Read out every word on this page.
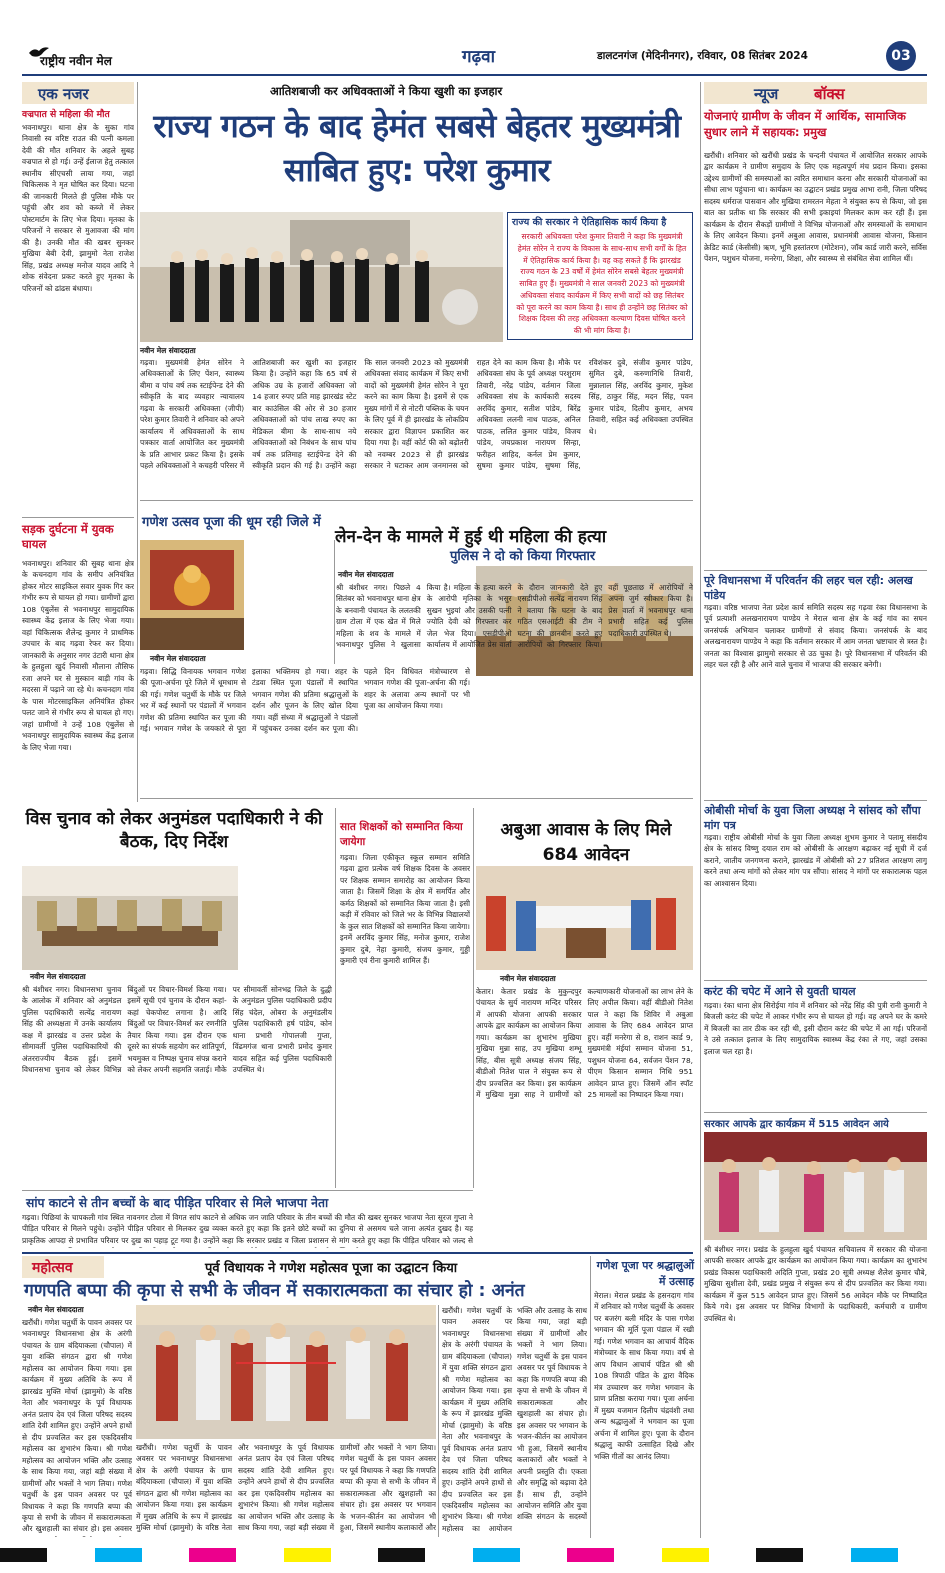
राष्ट्रीय नवीन मेल	गढ़वा	डालटनगंज (मेदिनीनगर), रविवार, 08 सितंबर 2024	03
एक नजर
वज्रपात से महिला की मौत
भवनाथपुर। थाना क्षेत्र के सुका गांव निवासी स्व वरिष्ट राउत की पत्नी कमला देवी की मौत शनिवार के अहले सुबह वज्रपात से हो गई। उन्हें ईलाज हेतु तत्काल स्थानीय सीएचसी लाया गया, जहां चिकित्सक ने मृत घोषित कर दिया। घटना की जानकारी मिलते ही पुलिस मौके पर पहुंची और शव को कब्जे में लेकर पोस्टमार्टम के लिए भेज दिया। मृतका के परिजनों ने सरकार से मुआवजा की मांग की है। उनकी मौत की खबर सुनकर मुखिया बेबी देवी, झामुमो नेता राजेश सिंह, प्रखंड अध्यक्ष मनोज यादव आदि ने शोक संवेदना प्रकट करते हुए मृतका के परिजनों को ढांढस बंधाया।
सड़क दुर्घटना में युवक घायल
भवनाथपुर। शनिवार की सुबह थाना क्षेत्र के कचनदाग गांव के समीप अनियंत्रित होकर मोटर साइकिल सवार युवक गिर कर गंभीर रूप से घायल हो गया। ग्रामीणों द्वारा 108 एंबुलेंस से भवनाथपुर सामुदायिक स्वास्थ्य केंद्र इलाज के लिए भेजा गया। वहां चिकित्सक शैलेन्द्र कुमार ने प्राथमिक उपचार के बाद गढ़वा रेफर कर दिया। जानकारी के अनुसार नगर उंटारी थाना क्षेत्र के हुलहुला खुर्द निवासी मौलाना तौसिफ रजा अपने घर से मुस्कान बाड़ी गांव के मदरसा में पढ़ाने जा रहे थे। कचनदाग गांव के पास मोटरसाइकिल अनियंत्रित होकर पलट जाने से गंभीर रूप से घायल हो गए। जहां ग्रामीणों ने उन्हें 108 एंबुलेंस से भवनाथपुर सामुदायिक स्वास्थ्य केंद्र इलाज के लिए भेजा गया।
आतिशबाजी कर अधिवक्ताओं ने किया खुशी का इजहार
राज्य गठन के बाद हेमंत सबसे बेहतर मुख्यमंत्री साबित हुए: परेश कुमार
राज्य की सरकार ने ऐतिहासिक कार्य किया है
सरकारी अधिवक्ता परेश कुमार तिवारी ने कहा कि मुख्यमंत्री हेमंत सोरेन ने राज्य के विकास के साथ-साथ सभी वर्गों के हित में ऐतिहासिक कार्य किया है। वह कह सकते हैं कि झारखंड राज्य गठन के 23 वर्षों में हेमंत सोरेन सबसे बेहतर मुख्यमंत्री साबित हुए हैं। मुख्यमंत्री ने साल जनवरी 2023 को मुख्यमंत्री अधिवक्ता संवाद कार्यक्रम में किए सभी वादों को छह सितंबर को पूरा करने का काम किया है। साथ ही उन्होंने छह सितंबर को शिक्षक दिवस की तरह अधिवक्ता कल्याण दिवस घोषित करने की भी मांग किया है।
नवीन मेल संवाददाता
गढ़वा। मुख्यमंत्री हेमंत सोरेन ने अधिवक्ताओं के लिए पेंशन, स्वास्थ्य बीमा व पांच वर्ष तक स्टाईपेन्ड देने की स्वीकृति के बाद व्यवहार न्यायालय गढ़वा के सरकारी अधिवक्ता (जीपी) परेश कुमार तिवारी ने शनिवार को अपने कार्यालय में अधिवक्ताओं के साथ पत्रकार वार्ता आयोजित कर मुख्यमंत्री के प्रति आभार प्रकट किया है। इसके पहले अधिवक्ताओं ने कचहरी परिसर में आतिशबाजी कर खुशी का इजहार किया है। उन्होंने कहा कि 65 वर्ष से अधिक उम्र के हजारों अधिवक्ता जो 14 हजार रुपए प्रति माह झारखंड स्टेट बार काउंसिल की ओर से 30 हजार अधिवक्ताओं को पांच लाख रुपए का मेडिकल बीमा के साथ-साथ नये अधिवक्ताओं को निबंधन के साथ पांच वर्ष तक प्रतिमाह स्टाईपेन्ड देने की स्वीकृति प्रदान की गई है। उन्होंने कहा कि साल जनवरी 2023 को मुख्यमंत्री अधिवक्ता संवाद कार्यक्रम में किए सभी वादों को मुख्यमंत्री हेमंत सोरेन ने पूरा करने का काम किया है। इसमें से एक मुख्य मांगों में से नोटरी पब्लिक के चयन के लिए पूर्व में ही झारखंड के लोकप्रिय सरकार द्वारा विज्ञापन प्रकाशित कर दिया गया है। वहीं कोर्ट फी को बढ़ोतरी को नवम्बर 2023 से ही झारखंड सरकार ने घटाकर आम जनमानस को राहत देने का काम किया है। मौके पर अधिवक्ता संघ के पूर्व अध्यक्ष परशुराम तिवारी, नरेंद्र पांडेय, वर्तमान जिला अधिवक्ता संघ के कार्यकारी सदस्य अरविंद कुमार, सतीश पांडेय, बिरेंद्र अधिवक्ता ललनी नाथ पाठक, अनिल पाठक, ललित कुमार पांडेय, विजय पांडेय, जयप्रकाश नारायण सिन्हा, फरीहत शाहिद, कर्नल प्रेम कुमार, सुषमा कुमार पांडेय, सुषमा सिंह, रविशंकर दुबे, संजीव कुमार पांडेय, सुमित दुबे, करुणानिधि तिवारी, मुन्नालाल सिंह, अरविंद कुमार, मुकेश सिंह, ठाकुर सिंह, मदन सिंह, पवन कुमार पांडेय, दिलीप कुमार, अभय तिवारी, सहित कई अधिवक्ता उपस्थित थे।
गणेश उत्सव पूजा की धूम रही जिले में
नवीन मेल संवाददाता
गढ़वा। सिद्धि विनायक भगवान गणेश की पूजा-अर्चना पूरे जिले में धूमधाम से की गई। गणेश चतुर्थी के मौके पर जिले भर में कई स्थानों पर पंडालों में भगवान गणेश की प्रतिमा स्थापित कर पूजा की गई। भगवान गणेश के जयकारे से पूरा इलाका भक्तिमय हो गया। शहर के टंडवा स्थित पूजा पंडालों में स्थापित भगवान गणेश की प्रतिमा श्रद्धालुओं के दर्शन और पूजन के लिए खोल दिया गया। वहीं संध्या में श्रद्धालुओं ने पंडालों में पहुंचकर उनका दर्शन कर पूजा की। पहले दिन विधिवत मंत्रोच्चारण से भगवान गणेश की पूजा-अर्चना की गई। शहर के अलावा अन्य स्थानों पर भी पूजा का आयोजन किया गया।
लेन-देन के मामले में हुई थी महिला की हत्या
पुलिस ने दो को किया गिरफ्तार
नवीन मेल संवाददाता
श्री बंशीधर नगर। पिछले 4 सितंबर को भवनाथपुर थाना क्षेत्र के बनवानी पंचायत के ललतकी ग्राम टोला में एक खेत में मिले महिला के शव के मामले में भवनाथपुर पुलिस ने खुलासा किया है। महिला के हत्या करने के आरोपी मृतिका के भसुर सुखन भुइयां और उसकी पत्नी ज्योति देवी को गिरफ्तार कर जेल भेज दिया। एसडीपीओ कार्यालय में आयोजित प्रेस वार्ता के दौरान जानकारी देते हुए एसडीपीओ सत्येंद्र नारायण सिंह ने बताया कि घटना के बाद गठित एसआईटी की टीम ने घटना की छानबीन करते हुए आरोपियों को गिरफ्तार किया। वहीं पूछताछ में आरोपियों ने अपना जुर्म स्वीकार किया है। प्रेस वार्ता में भवनाथपुर थाना प्रभारी सहित कई पुलिस पदाधिकारी उपस्थित थे।
विस चुनाव को लेकर अनुमंडल पदाधिकारी ने की बैठक, दिए निर्देश
नवीन मेल संवाददाता
श्री बंशीधर नगर। विधानसभा चुनाव के आलोक में शनिवार को अनुमंडल पुलिस पदाधिकारी सत्येंद्र नारायण सिंह की अध्यक्षता में उनके कार्यालय कक्ष में झारखंड व उत्तर प्रदेश के सीमावर्ती पुलिस पदाधिकारियों की अंतरराज्यीय बैठक हुई। इसमें विधानसभा चुनाव को लेकर विभिन्न बिंदुओं पर विचार-विमर्श किया गया। इसमें सूची एवं चुनाव के दौरान कहां-कहां चेकपोस्ट लगाना है। आदि बिंदुओं पर विचार-विमर्श कर रणनीति तैयार किया गया। इस दौरान एक दूसरे का संपर्क सहयोग कर शांतिपूर्ण, भयमुक्त व निष्पक्ष चुनाव संपन्न कराने को लेकर अपनी सहमति जताई। मौके पर सीमावर्ती सोनभद्र जिले के दुद्धी के अनुमंडल पुलिस पदाधिकारी प्रदीप सिंह चंदेल, ओबरा के अनुमंडलीय पुलिस पदाधिकारी हर्ष पांडेय, कोन थाना प्रभारी गोपालजी गुप्ता, विंढमगंज थाना प्रभारी प्रमोद कुमार यादव सहित कई पुलिस पदाधिकारी उपस्थित थे।
सात शिक्षकों को सम्मानित किया जायेगा
गढ़वा। जिला एकीकृत स्कूल सम्मान समिति गढ़वा द्वारा प्रत्येक वर्ष शिक्षक दिवस के अवसर पर शिक्षक सम्मान समारोह का आयोजन किया जाता है। जिसमें शिक्षा के क्षेत्र में समर्पित और कर्मठ शिक्षकों को सम्मानित किया जाता है। इसी कड़ी में रविवार को जिले भर के विभिन्न विद्यालयों के कुल सात शिक्षकों को सम्मानित किया जायेगा। इनमें अरविंद कुमार सिंह, मनोज कुमार, राजेश कुमार दुबे, नेहा कुमारी, संजय कुमार, गुड्डी कुमारी एवं रीना कुमारी शामिल हैं।
अबुआ आवास के लिए मिले 684 आवेदन
नवीन मेल संवाददाता
केतार। केतार प्रखंड के मुकुन्दपुर पंचायत के सुर्य नारायण मन्दिर परिसर में आपकी योजना आपकी सरकार आपके द्वार कार्यक्रम का आयोजन किया गया। कार्यक्रम का शुभारंभ मुखिया मुखिया मुन्ना साह, उप मुखिया शम्भू सिंह, बीस सूत्री अध्यक्ष संजय सिंह, बीडीओ नितेश पाल ने संयुक्त रूप से दीप प्रज्वलित कर किया। इस कार्यक्रम में मुखिया मुन्ना साह ने ग्रामीणों को कल्याणकारी योजनाओं का लाभ लेने के लिए अपील किया। वहीं बीडीओ नितेश पाल ने कहा कि शिविर में अबुआ आवास के लिए 684 आवेदन प्राप्त हुए। वहीं मनरेगा से 8, राशन कार्ड 9, मुख्यमंत्री मंईयां सम्मान योजना 51, पशुधन योजना 64, सर्वजन पेंशन 78, पीएम किसान सम्मान निधि 951 आवेदन प्राप्त हुए। जिसमें ऑन स्पॉट 25 मामलों का निष्पादन किया गया।
सांप काटने से तीन बच्चों के बाद पीड़ित परिवार से मिले भाजपा नेता
गढ़वा। पिछियां के चापकली गांव स्थित नावनगर टोला में विगत सांप काटने से अधिक जन जाति परिवार के तीन बच्चों की मौत की खबर सुनकर भाजपा नेता सूरज गुप्ता ने पीड़ित परिवार से मिलने पहुंचे। उन्होंने पीड़ित परिवार से मिलकर दुख व्यक्त करते हुए कहा कि इतने छोटे बच्चों का दुनिया से असमय चले जाना अत्यंत दुखद है। यह प्राकृतिक आपदा से प्रभावित परिवार पर दुख का पहाड़ टूट गया है। उन्होंने कहा कि सरकार प्रखंड व जिला प्रशासन से मांग करते हुए कहा कि पीड़ित परिवार को जल्द से
महोत्सव	पूर्व विधायक ने गणेश महोत्सव पूजा का उद्घाटन किया
गणपति बप्पा की कृपा से सभी के जीवन में सकारात्मकता का संचार हो : अनंत
नवीन मेल संवाददाता
खरौंधी। गणेश चतुर्थी के पावन अवसर पर भवनाथपुर विधानसभा क्षेत्र के अरंगी पंचायत के ग्राम बंदियाकला (चौपाल) में युवा शक्ति संगठन द्वारा श्री गणेश महोत्सव का आयोजन किया गया। इस कार्यक्रम में मुख्य अतिथि के रूप में झारखंड मुक्ति मोर्चा (झामुमो) के वरिष्ठ नेता और भवनाथपुर के पूर्व विधायक अनंत प्रताप देव एवं जिला परिषद सदस्य शांति देवी शामिल हुए। उन्होंने अपने हाथों से दीप प्रज्वलित कर इस एकदिवसीय महोत्सव का शुभारंभ किया। श्री गणेश महोत्सव का आयोजन भक्ति और उत्साह के साथ किया गया, जहां बड़ी संख्या में ग्रामीणों और भक्तों ने भाग लिया। गणेश चतुर्थी के इस पावन अवसर पर पूर्व विधायक ने कहा कि गणपति बप्पा की कृपा से सभी के जीवन में सकारात्मकता और खुशहाली का संचार हो। इस अवसर
खरौंधी। गणेश चतुर्थी के पावन अवसर पर भवनाथपुर विधानसभा क्षेत्र के अरंगी पंचायत के ग्राम बंदियाकला (चौपाल) में युवा शक्ति संगठन द्वारा श्री गणेश महोत्सव का आयोजन किया गया। इस कार्यक्रम में मुख्य अतिथि के रूप में झारखंड मुक्ति मोर्चा (झामुमो) के वरिष्ठ नेता और भवनाथपुर के पूर्व विधायक अनंत प्रताप देव एवं जिला परिषद सदस्य शांति देवी शामिल हुए। उन्होंने अपने हाथों से दीप प्रज्वलित कर इस एकदिवसीय महोत्सव का शुभारंभ किया। श्री गणेश महोत्सव का आयोजन भक्ति और उत्साह के साथ किया गया, जहां बड़ी संख्या में ग्रामीणों और भक्तों ने भाग लिया। गणेश चतुर्थी के इस पावन अवसर पर पूर्व विधायक ने कहा कि गणपति बप्पा की कृपा से सभी के जीवन में सकारात्मकता और खुशहाली का संचार हो। इस अवसर पर भगवान के भजन-कीर्तन का आयोजन भी हुआ, जिसमें स्थानीय कलाकारों और
खरौंधी। गणेश चतुर्थी के पावन अवसर पर भवनाथपुर विधानसभा क्षेत्र के अरंगी पंचायत के ग्राम बंदियाकला (चौपाल) में युवा शक्ति संगठन द्वारा श्री गणेश महोत्सव का आयोजन किया गया। इस कार्यक्रम में मुख्य अतिथि के रूप में झारखंड मुक्ति मोर्चा (झामुमो) के वरिष्ठ नेता और भवनाथपुर के पूर्व विधायक अनंत प्रताप देव एवं जिला परिषद सदस्य शांति देवी शामिल हुए। उन्होंने अपने हाथों से दीप प्रज्वलित कर इस एकदिवसीय महोत्सव का शुभारंभ किया। श्री गणेश महोत्सव का आयोजन भक्ति और उत्साह के साथ किया गया, जहां बड़ी संख्या में ग्रामीणों और भक्तों ने भाग लिया। गणेश चतुर्थी के इस पावन अवसर पर पूर्व विधायक ने कहा कि गणपति बप्पा की कृपा से सभी के जीवन में सकारात्मकता और खुशहाली का संचार हो। इस अवसर पर भगवान के भजन-कीर्तन का आयोजन भी हुआ, जिसमें स्थानीय कलाकारों और भक्तों ने अपनी प्रस्तुति दी। एकता और समृद्धि को बढ़ावा देते हैं। साथ ही, उन्होंने आयोजन समिति और युवा शक्ति संगठन के सदस्यों
गणेश पूजा पर श्रद्धालुओं में उत्साह
मेराल। मेराल प्रखंड के हसनदाग गांव में शनिवार को गणेश चतुर्थी के अवसर पर बजरंग बली मंदिर के पास गणेश भगवान की मूर्ति पूजा पंडाल में रखी गई। गणेश भगवान का आचार्य वैदिक मंत्रोच्चार के साथ किया गया। वर्ष से आप विधान आचार्य पंडित श्री श्री 108 त्रिपाठी पंडित के द्वारा वैदिक मंत्र उच्चारण कर गणेश भगवान के प्राण प्रतिष्ठा कराया गया। पूजा अर्चना में मुख्य यजमान दिलीप चंद्रवंशी तथा अन्य श्रद्धालुओं ने भगवान का पूजा अर्चना में शामिल हुए। पूजा के दौरान श्रद्धालु काफी उत्साहित दिखे और भक्ति गीतों का आनंद लिया।
न्यूज बॉक्स
योजनाएं ग्रामीण के जीवन में आर्थिक, सामाजिक सुधार लाने में सहायक: प्रमुख
खरौंधी। शनिवार को खरौंधी प्रखंड के चन्दनी पंचायत में आयोजित सरकार आपके द्वार कार्यक्रम ने ग्रामीण समुदाय के लिए एक महत्वपूर्ण मंच प्रदान किया। इसका उद्देश्य ग्रामीणों की समस्याओं का त्वरित समाधान करना और सरकारी योजनाओं का सीधा लाभ पहुंचाना था। कार्यक्रम का उद्घाटन प्रखंड प्रमुख आभा रानी, जिला परिषद सदस्य धर्मराज पासवान और मुखिया रामरतन मेहता ने संयुक्त रूप से किया, जो इस बात का प्रतीक था कि सरकार की सभी इकाइयां मिलकर काम कर रही हैं। इस कार्यक्रम के दौरान सैकड़ों ग्रामीणों ने विभिन्न योजनाओं और समस्याओं के समाधान के लिए आवेदन किया। इनमें अबुआ आवास, प्रधानमंत्री आवास योजना, किसान क्रेडिट कार्ड (केसीसी) ऋण, भूमि हस्तांतरण (मोटेशन), जॉब कार्ड जारी करने, सर्विस पेंशन, पशुधन योजना, मनरेगा, शिक्षा, और स्वास्थ्य से संबंधित सेवा शामिल थीं।
पूरे विधानसभा में परिवर्तन की लहर चल रही: अलख पांडेय
गढ़वा। वरिष्ठ भाजपा नेता प्रदेश कार्य समिति सदस्य सह गढ़वा रंका विधानसभा के पूर्व प्रत्याशी अलखनारायण पाण्डेय ने मेराल थाना क्षेत्र के कई गांव का सघन जनसंपर्क अभियान चलाकर ग्रामीणों से संवाद किया। जनसंपर्क के बाद अलखनारायण पाण्डेय ने कहा कि वर्तमान सरकार में आम जनता भ्रष्टाचार से त्रस्त है। जनता का विश्वास झामुमो सरकार से उठ चुका है। पूरे विधानसभा में परिवर्तन की लहर चल रही है और आने वाले चुनाव में भाजपा की सरकार बनेगी।
ओबीसी मोर्चा के युवा जिला अध्यक्ष ने सांसद को सौंपा मांग पत्र
गढ़वा। राष्ट्रीय ओबीसी मोर्चा के युवा जिला अध्यक्ष शुभम कुमार ने पलामू संसदीय क्षेत्र के सांसद विष्णु दयाल राम को ओबीसी के आरक्षण बढ़ाकर नई सूची में दर्ज कराने, जातीय जनगणना कराने, झारखंड में ओबीसी को 27 प्रतिशत आरक्षण लागू करने तथा अन्य मांगों को लेकर मांग पत्र सौंपा। सांसद ने मांगों पर सकारात्मक पहल का आश्वासन दिया।
करंट की चपेट में आने से युवती घायल
गढ़वा। रंका थाना क्षेत्र सिरोईया गांव में शनिवार को नरेंद्र सिंह की पुत्री रानी कुमारी ने बिजली करंट की चपेट में आकर गंभीर रूप से घायल हो गई। वह अपने घर के कमरे में बिजली का तार ठीक कर रही थी, इसी दौरान करंट की चपेट में आ गई। परिजनों ने उसे तत्काल इलाज के लिए सामुदायिक स्वास्थ्य केंद्र रंका ले गए, जहां उसका इलाज चल रहा है।
सरकार आपके द्वार कार्यक्रम में 515 आवेदन आये
श्री बंशीधर नगर। प्रखंड के हुलहुला खुर्द पंचायत सचिवालय में सरकार की योजना आपकी सरकार आपके द्वार कार्यक्रम का आयोजन किया गया। कार्यक्रम का शुभारंभ प्रखंड विकास पदाधिकारी अदिति गुप्ता, प्रखंड 20 सूत्री अध्यक्ष शैलेश कुमार चौबे, मुखिया सुशीला देवी, प्रखंड प्रमुख ने संयुक्त रूप से दीप प्रज्वलित कर किया गया। कार्यक्रम में कुल 515 आवेदन प्राप्त हुए। जिसमें 56 आवेदन मौके पर निष्पादित किये गये। इस अवसर पर विभिन्न विभागों के पदाधिकारी, कर्मचारी व ग्रामीण उपस्थित थे।
